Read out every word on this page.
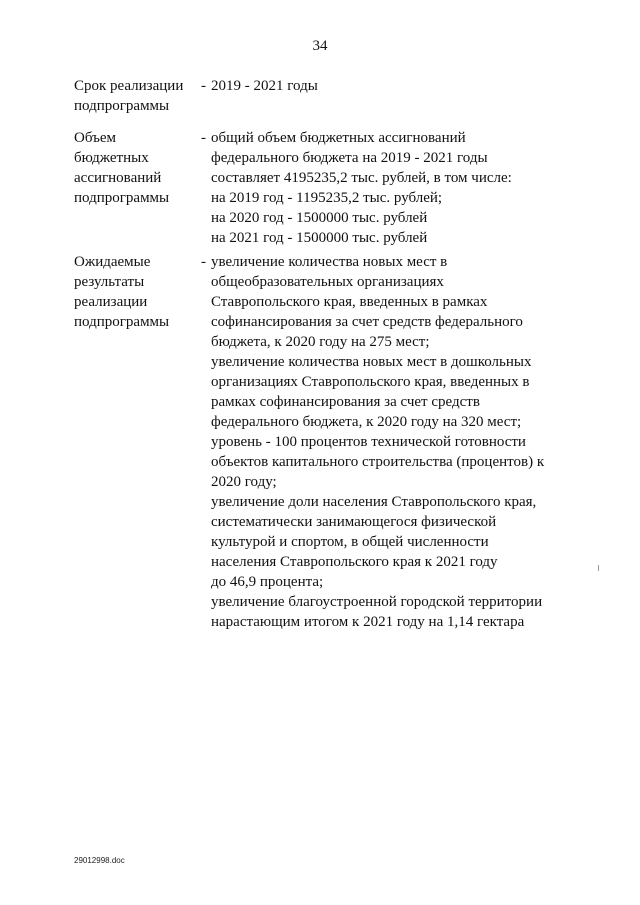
34
Срок реализации
подпрограммы
- 2019 - 2021 годы
Объем
бюджетных
ассигнований
подпрограммы
- общий объем бюджетных ассигнований
федерального бюджета на 2019 - 2021 годы
составляет 4195235,2 тыс. рублей, в том числе:
на 2019 год - 1195235,2 тыс. рублей;
на 2020 год - 1500000 тыс. рублей
на 2021 год - 1500000 тыс. рублей
Ожидаемые
результаты
реализации
подпрограммы
- увеличение количества новых мест в
общеобразовательных организациях
Ставропольского края, введенных в рамках
софинансирования за счет средств федерального
бюджета, к 2020 году на 275 мест;
увеличение количества новых мест в дошкольных
организациях Ставропольского края, введенных в
рамках софинансирования за счет средств
федерального бюджета, к 2020 году на 320 мест;
уровень - 100 процентов технической готовности
объектов капитального строительства (процентов) к
2020 году;
увеличение доли населения Ставропольского края,
систематически занимающегося физической
культурой и спортом, в общей численности
населения Ставропольского края к 2021 году
до 46,9 процента;
увеличение благоустроенной городской территории
нарастающим итогом к 2021 году на 1,14 гектара
29012998.doc
